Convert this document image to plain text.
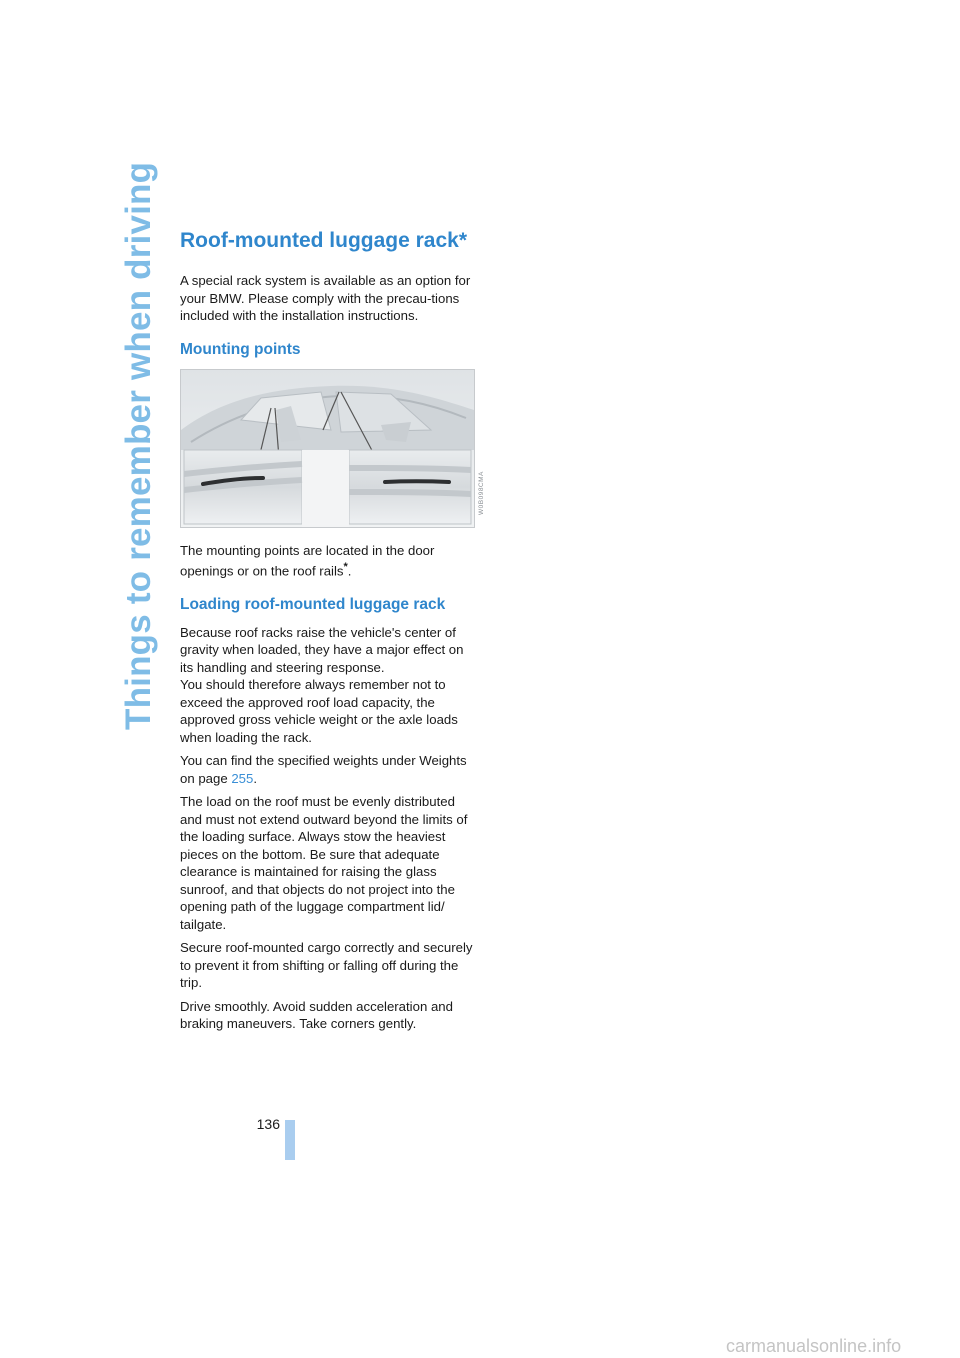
Things to remember when driving Roof-mounted luggage rack*

A special rack system is available as an option for your BMW. Please comply with the precau-tions included with the installation instructions.

Mounting points

The mounting points are located in the door openings or on the roof rails*.

Loading roof-mounted luggage rack

Because roof racks raise the vehicle's center of gravity when loaded, they have a major effect on its handling and steering response.

You should therefore always remember not to exceed the approved roof load capacity, the approved gross vehicle weight or the axle loads when loading the rack.

You can find the specified weights under Weights on page 255.

The load on the roof must be evenly distributed and must not extend outward beyond the limits of the loading surface. Always stow the heaviest pieces on the bottom. Be sure that adequate clearance is maintained for raising the glass sunroof, and that objects do not project into the opening path of the luggage compartment lid/ tailgate.

Secure roof-mounted cargo correctly and securely to prevent it from shifting or falling off during the trip.

Drive smoothly. Avoid sudden acceleration and braking maneuvers. Take corners gently.

W0B098CMA
136
carmanualsonline.info
